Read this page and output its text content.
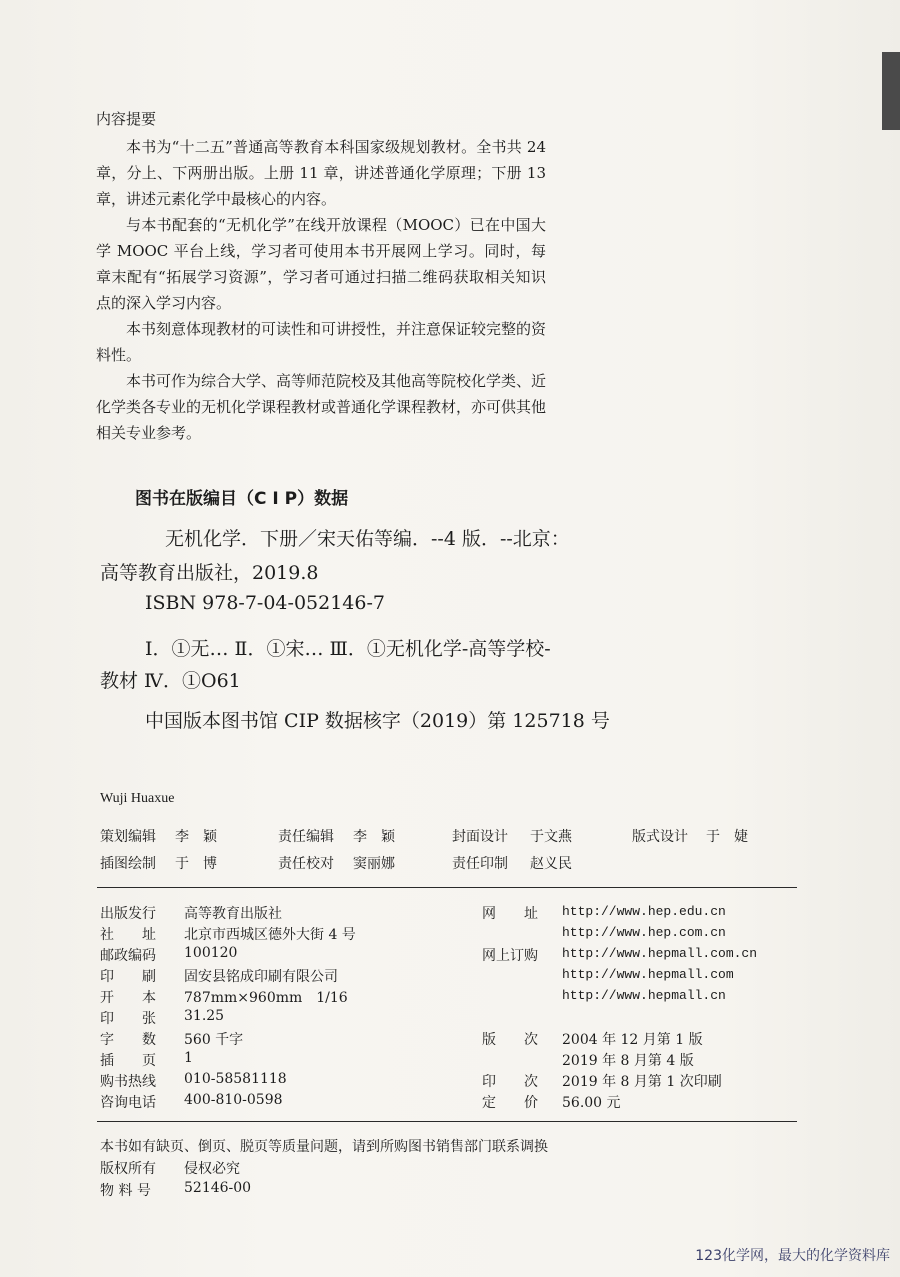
内容提要
本书为“十二五”普通高等教育本科国家级规划教材。全书共 24 章，分上、下两册出版。上册 11 章，讲述普通化学原理；下册 13 章，讲述元素化学中最核心的内容。
与本书配套的“无机化学”在线开放课程（MOOC）已在中国大学 MOOC 平台上线，学习者可使用本书开展网上学习。同时，每章末配有“拓展学习资源”，学习者可通过扫描二维码获取相关知识点的深入学习内容。
本书刻意体现教材的可读性和可讲授性，并注意保证较完整的资料性。
本书可作为综合大学、高等师范院校及其他高等院校化学类、近化学类各专业的无机化学课程教材或普通化学课程教材，亦可供其他相关专业参考。
图书在版编目（C I P）数据
无机化学．下册／宋天佑等编．--4 版．--北京：
高等教育出版社，2019.8
ISBN 978-7-04-052146-7
Ⅰ．①无… Ⅱ．①宋… Ⅲ．①无机化学-高等学校-
教材 Ⅳ．①O61
中国版本图书馆 CIP 数据核字（2019）第 125718 号
Wuji Huaxue
策划编辑 李　颖	责任编辑 李　颖	封面设计 于文燕	版式设计 于　婕
插图绘制 于　博	责任校对 窦丽娜	责任印制 赵义民
出版发行 高等教育出版社
社　　址 北京市西城区德外大街 4 号
邮政编码 100120
印　　刷 固安县铭成印刷有限公司
开　　本 787mm×960mm　1/16
印　　张 31.25
字　　数 560 千字
插　　页 1
购书热线 010-58581118
咨询电话 400-810-0598
网　　址 http://www.hep.edu.cn
http://www.hep.com.cn
网上订购 http://www.hepmall.com.cn
http://www.hepmall.com
http://www.hepmall.cn
版　　次 2004 年 12 月第 1 版
2019 年 8 月第 4 版
印　　次 2019 年 8 月第 1 次印刷
定　　价 56.00 元
本书如有缺页、倒页、脱页等质量问题，请到所购图书销售部门联系调换
版权所有 侵权必究
物 料 号 52146-00
123化学网，最大的化学资料库
